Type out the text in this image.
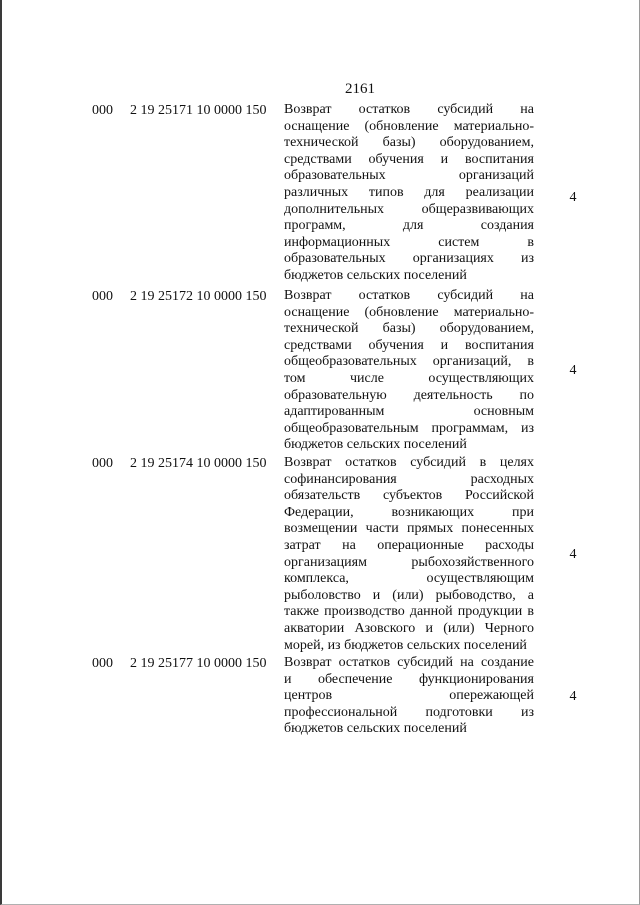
2161
000 2 19 25171 10 0000 150 Возврат остатков субсидий на
оснащение (обновление материально-
технической базы) оборудованием,
средствами обучения и воспитания
образовательных организаций
различных типов для реализации
дополнительных общеразвивающих
программ, для создания
информационных систем в
образовательных организациях из
бюджетов сельских поселений
4
000 2 19 25172 10 0000 150 Возврат остатков субсидий на
оснащение (обновление материально-
технической базы) оборудованием,
средствами обучения и воспитания
общеобразовательных организаций, в
том числе осуществляющих
образовательную деятельность по
адаптированным основным
общеобразовательным программам, из
бюджетов сельских поселений
4
000 2 19 25174 10 0000 150 Возврат остатков субсидий в целях
софинансирования расходных
обязательств субъектов Российской
Федерации, возникающих при
возмещении части прямых понесенных
затрат на операционные расходы
организациям рыбохозяйственного
комплекса, осуществляющим
рыболовство и (или) рыбоводство, а
также производство данной продукции в
акватории Азовского и (или) Черного
морей, из бюджетов сельских поселений
4
000 2 19 25177 10 0000 150 Возврат остатков субсидий на создание
и обеспечение функционирования
центров опережающей
профессиональной подготовки из
бюджетов сельских поселений
4
